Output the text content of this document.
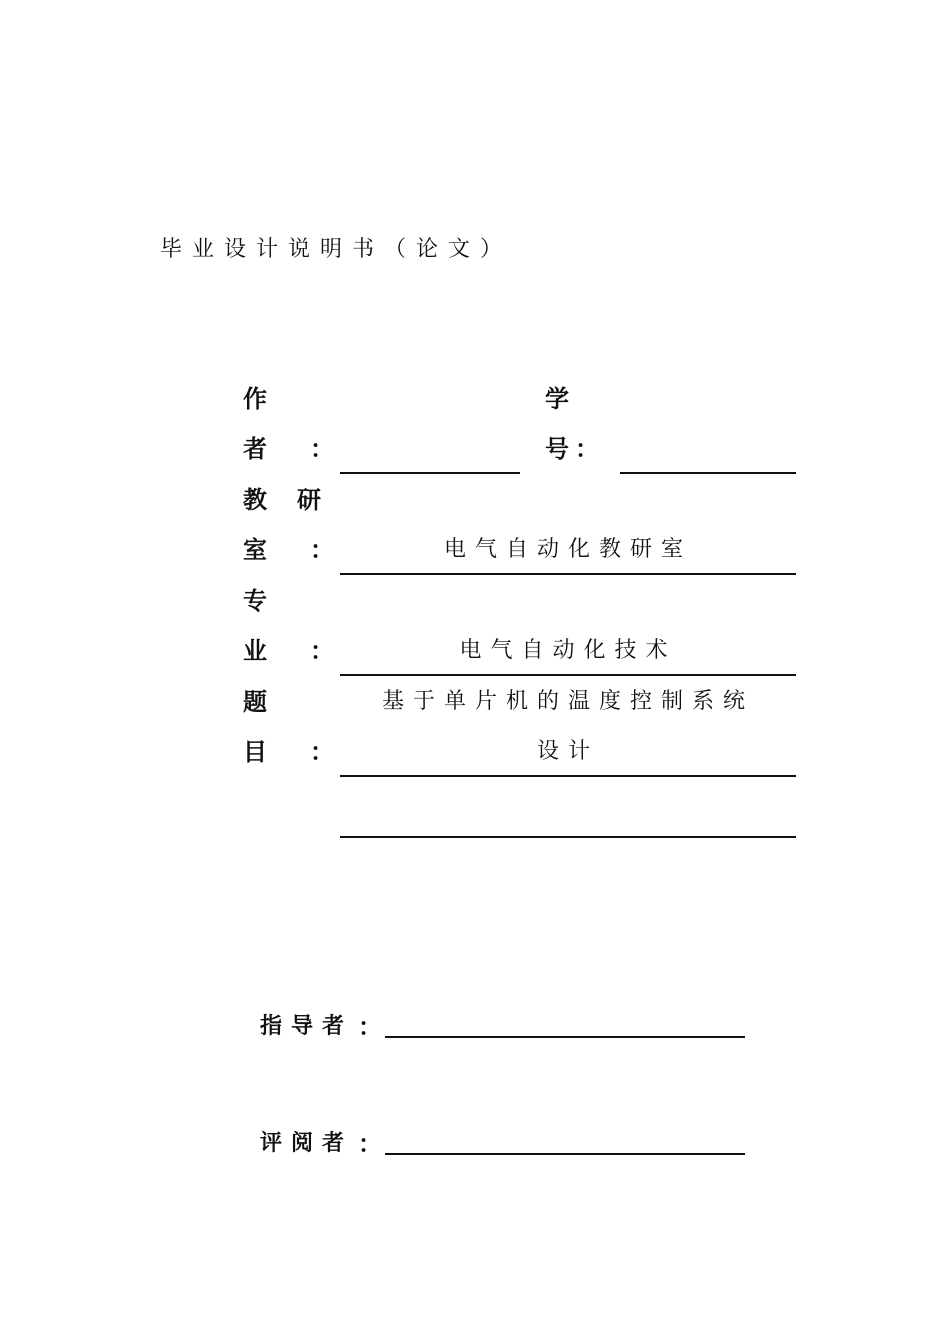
毕业设计说明书（论文）
作
者 ：
学
号 ：
教 研
室 ：	电气自动化教研室
专
业 ：	电气自动化技术
题
目 ：
基于单片机的温度控制系统
设计
指导者 ：
评阅者 ：
